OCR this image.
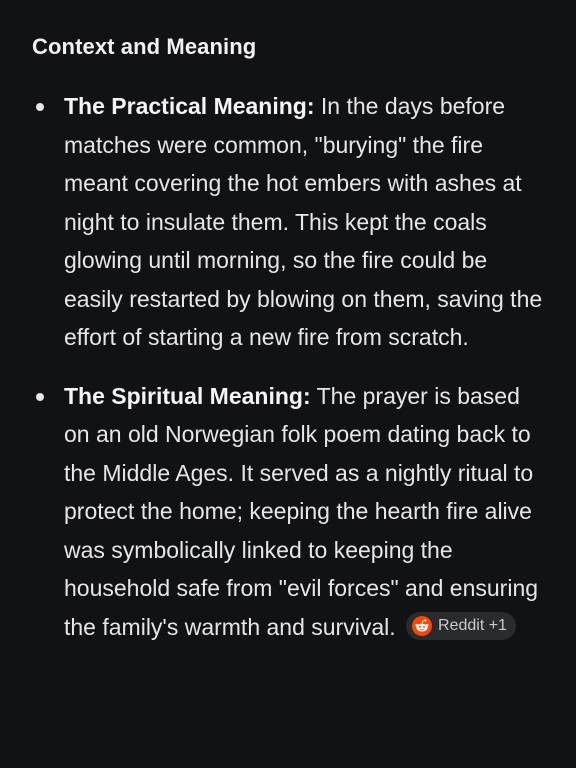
Context and Meaning
The Practical Meaning: In the days before matches were common, "burying" the fire meant covering the hot embers with ashes at night to insulate them. This kept the coals glowing until morning, so the fire could be easily restarted by blowing on them, saving the effort of starting a new fire from scratch.
The Spiritual Meaning: The prayer is based on an old Norwegian folk poem dating back to the Middle Ages. It served as a nightly ritual to protect the home; keeping the hearth fire alive was symbolically linked to keeping the household safe from "evil forces" and ensuring the family's warmth and survival.	Reddit +1
